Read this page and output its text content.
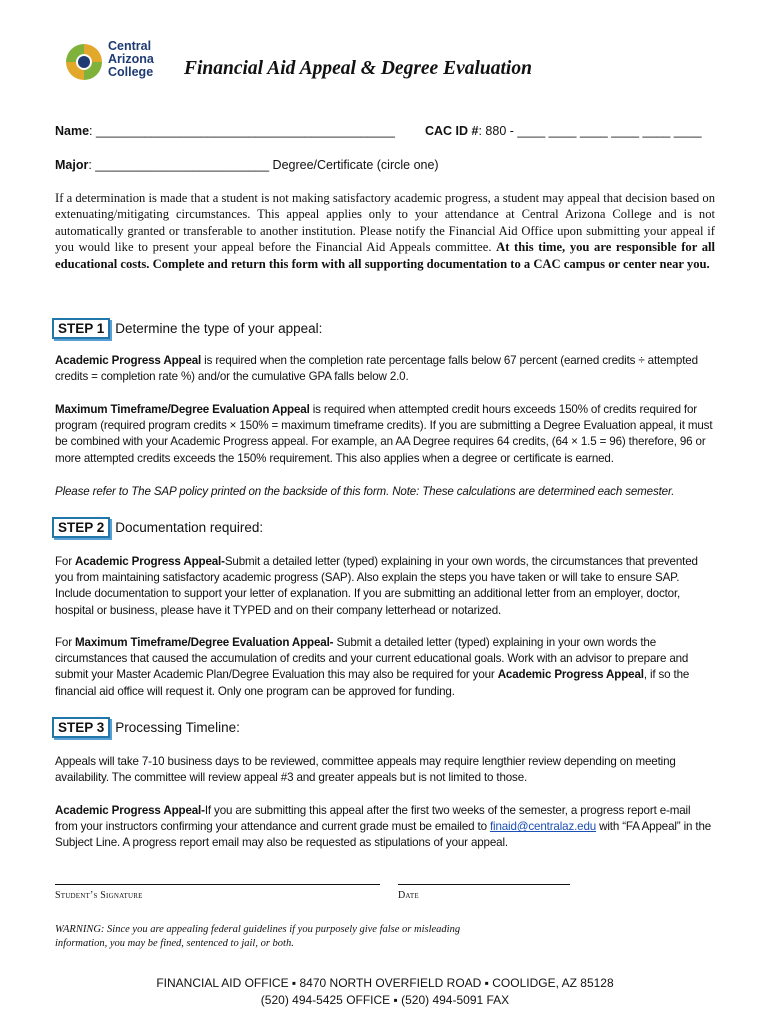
Central
Arizona
College Financial Aid Appeal & Degree Evaluation
Name: ___________________________________________ CAC ID #: 880 - ____ ____ ____ ____ ____ ____
Major: _________________________ Degree/Certificate (circle one)
If a determination is made that a student is not making satisfactory academic progress, a student may appeal that decision based on extenuating/mitigating circumstances. This appeal applies only to your attendance at Central Arizona College and is not automatically granted or transferable to another institution. Please notify the Financial Aid Office upon submitting your appeal if you would like to present your appeal before the Financial Aid Appeals committee. At this time, you are responsible for all educational costs. Complete and return this form with all supporting documentation to a CAC campus or center near you.
STEP 1 Determine the type of your appeal:
Academic Progress Appeal is required when the completion rate percentage falls below 67 percent (earned credits ÷ attempted credits = completion rate %) and/or the cumulative GPA falls below 2.0.
Maximum Timeframe/Degree Evaluation Appeal is required when attempted credit hours exceeds 150% of credits required for program (required program credits × 150% = maximum timeframe credits). If you are submitting a Degree Evaluation appeal, it must be combined with your Academic Progress appeal. For example, an AA Degree requires 64 credits, (64 × 1.5 = 96) therefore, 96 or more attempted credits exceeds the 150% requirement. This also applies when a degree or certificate is earned.
Please refer to The SAP policy printed on the backside of this form. Note: These calculations are determined each semester.
STEP 2 Documentation required:
For Academic Progress Appeal-Submit a detailed letter (typed) explaining in your own words, the circumstances that prevented you from maintaining satisfactory academic progress (SAP). Also explain the steps you have taken or will take to ensure SAP. Include documentation to support your letter of explanation. If you are submitting an additional letter from an employer, doctor, hospital or business, please have it TYPED and on their company letterhead or notarized.
For Maximum Timeframe/Degree Evaluation Appeal- Submit a detailed letter (typed) explaining in your own words the circumstances that caused the accumulation of credits and your current educational goals. Work with an advisor to prepare and submit your Master Academic Plan/Degree Evaluation this may also be required for your Academic Progress Appeal, if so the financial aid office will request it. Only one program can be approved for funding.
STEP 3 Processing Timeline:
Appeals will take 7-10 business days to be reviewed, committee appeals may require lengthier review depending on meeting availability. The committee will review appeal #3 and greater appeals but is not limited to those.
Academic Progress Appeal-If you are submitting this appeal after the first two weeks of the semester, a progress report e-mail from your instructors confirming your attendance and current grade must be emailed to finaid@centralaz.edu with “FA Appeal” in the Subject Line. A progress report email may also be requested as stipulations of your appeal.
Student’s Signature	Date
WARNING: Since you are appealing federal guidelines if you purposely give false or misleading information, you may be fined, sentenced to jail, or both.
FINANCIAL AID OFFICE ▪ 8470 NORTH OVERFIELD ROAD ▪ COOLIDGE, AZ 85128
(520) 494-5425 OFFICE ▪ (520) 494-5091 FAX
